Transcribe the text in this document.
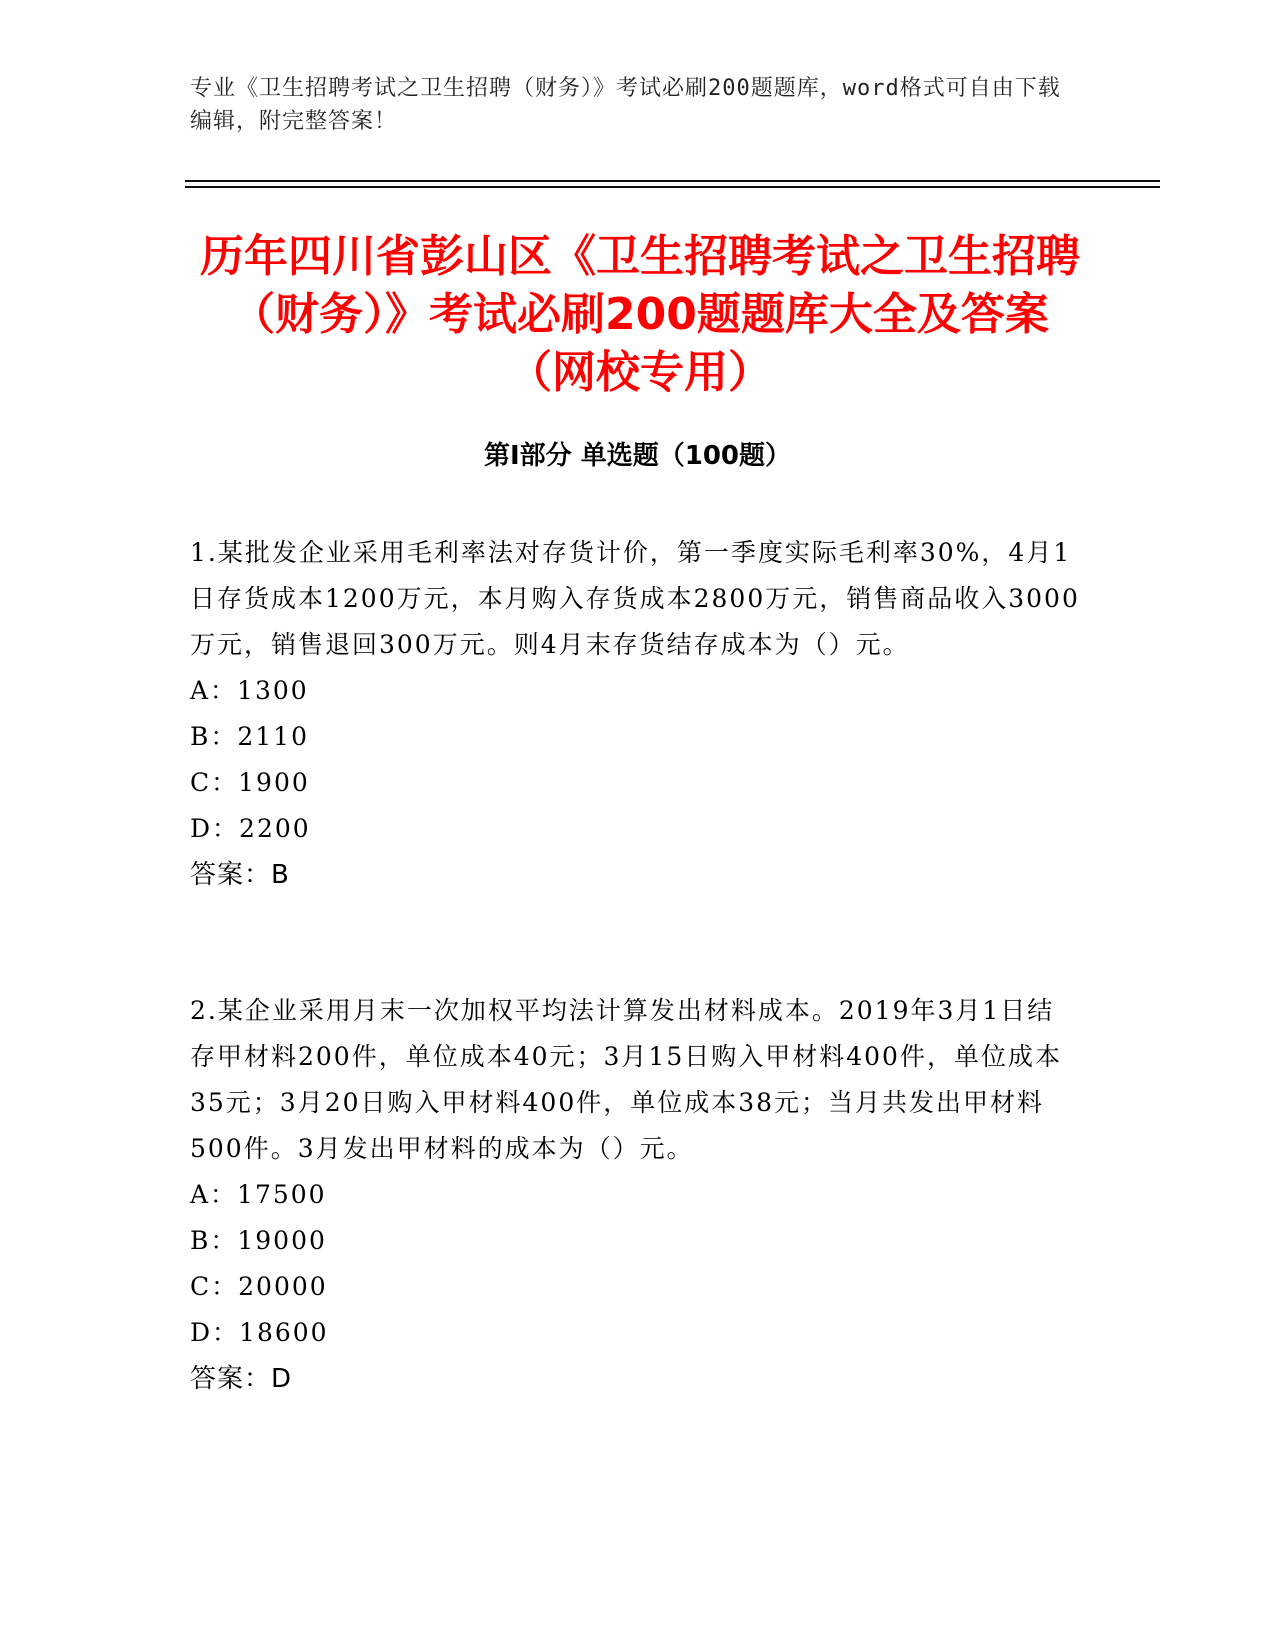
专业《卫生招聘考试之卫生招聘（财务）》考试必刷200题题库，word格式可自由下载编辑，附完整答案！
历年四川省彭山区《卫生招聘考试之卫生招聘（财务）》考试必刷200题题库大全及答案（网校专用）
第I部分 单选题（100题）

1.某批发企业采用毛利率法对存货计价，第一季度实际毛利率30%，4月1日存货成本1200万元，本月购入存货成本2800万元，销售商品收入3000万元，销售退回300万元。则4月末存货结存成本为（）元。

A：1300

B：2110

C：1900

D：2200

答案：B

2.某企业采用月末一次加权平均法计算发出材料成本。2019年3月1日结存甲材料200件，单位成本40元；3月15日购入甲材料400件，单位成本35元；3月20日购入甲材料400件，单位成本38元；当月共发出甲材料500件。3月发出甲材料的成本为（）元。

A：17500

B：19000

C：20000

D：18600

答案：D
